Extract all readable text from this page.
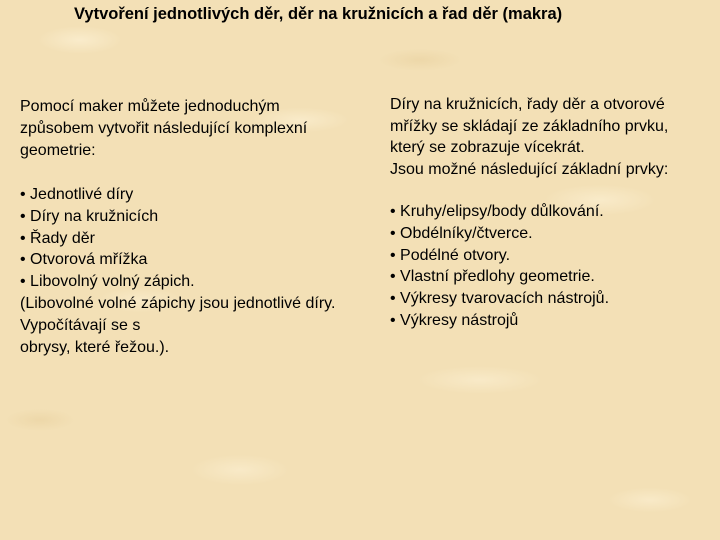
Vytvoření jednotlivých děr, děr na kružnicích a řad děr (makra)
Pomocí maker můžete jednoduchým
způsobem vytvořit následující komplexní
geometrie:
• Jednotlivé díry
• Díry na kružnicích
• Řady děr
• Otvorová mřížka
• Libovolný volný zápich.
(Libovolné volné zápichy jsou jednotlivé díry.
Vypočítávají se s
obrysy, které řežou.).
Díry na kružnicích, řady děr a otvorové
mřížky se skládají ze základního prvku,
který se zobrazuje vícekrát.
Jsou možné následující základní prvky:
• Kruhy/elipsy/body důlkování.
• Obdélníky/čtverce.
• Podélné otvory.
• Vlastní předlohy geometrie.
• Výkresy tvarovacích nástrojů.
• Výkresy nástrojů
